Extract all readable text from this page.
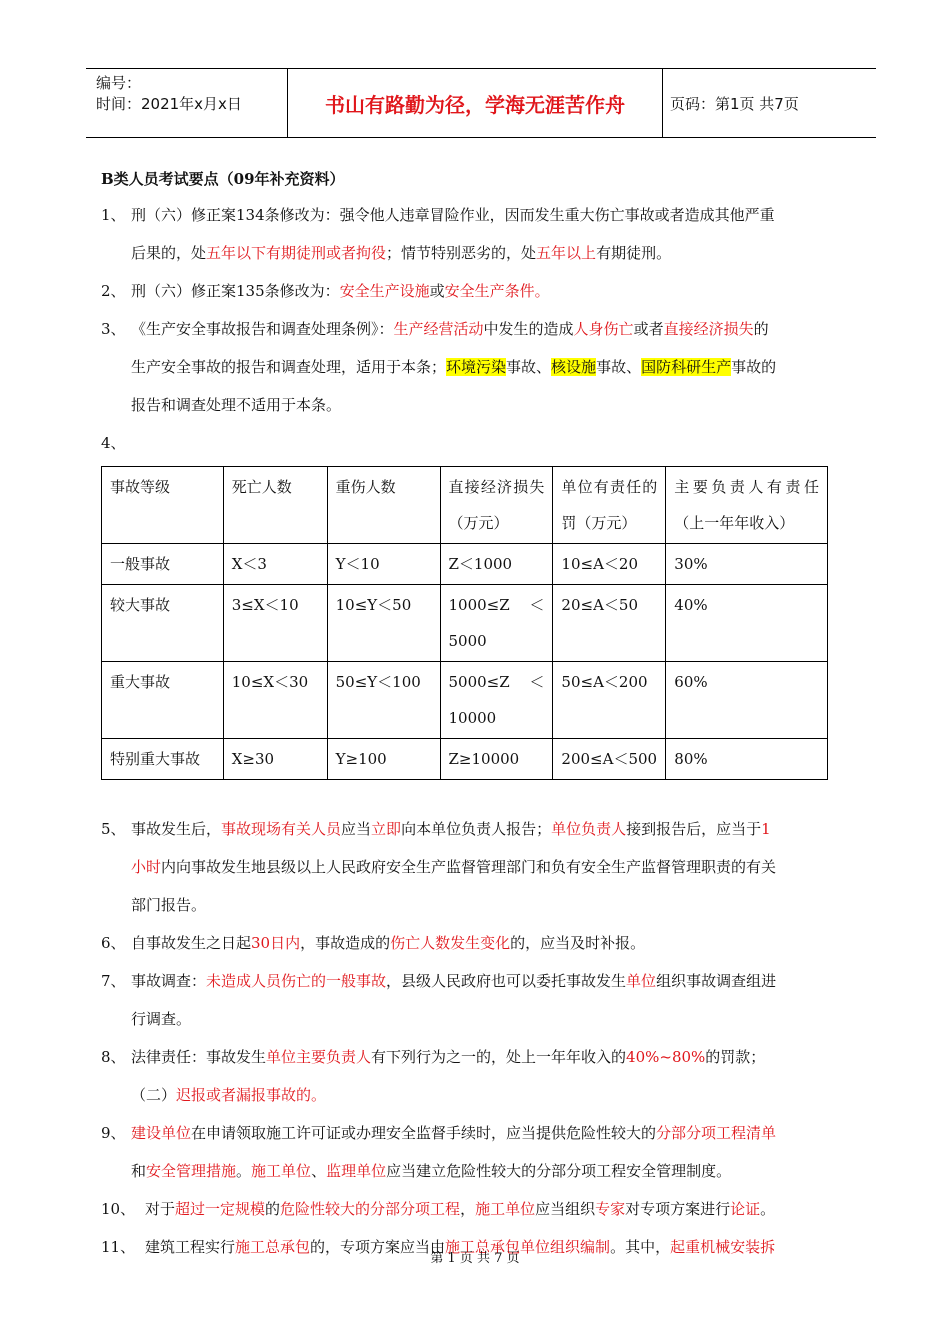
编号：
时间：2021年x月x日	书山有路勤为径，学海无涯苦作舟	页码：第1页 共7页
B类人员考试要点（09年补充资料）
1、 刑（六）修正案134条修改为：强令他人违章冒险作业，因而发生重大伤亡事故或者造成其他严重
后果的，处五年以下有期徒刑或者拘役；情节特别恶劣的，处五年以上有期徒刑。
2、 刑（六）修正案135条修改为：安全生产设施或安全生产条件。
3、 《生产安全事故报告和调查处理条例》：生产经营活动中发生的造成人身伤亡或者直接经济损失的
生产安全事故的报告和调查处理，适用于本条；环境污染事故、核设施事故、国防科研生产事故的
报告和调查处理不适用于本条。
4、
事故等级	死亡人数	重伤人数	直接经济损失（万元）	单位有责任的罚（万元）	主要负责人有责任（上一年年收入）
一般事故	X＜3	Y＜10	Z＜1000	10≤A＜20	30%
较大事故	3≤X＜10	10≤Y＜50	1000≤Z ＜ 5000	20≤A＜50	40%
重大事故	10≤X＜30	50≤Y＜100	5000≤Z ＜ 10000	50≤A＜200	60%
特别重大事故	X≥30	Y≥100	Z≥10000	200≤A＜500	80%
5、 事故发生后，事故现场有关人员应当立即向本单位负责人报告；单位负责人接到报告后，应当于1
小时内向事故发生地县级以上人民政府安全生产监督管理部门和负有安全生产监督管理职责的有关
部门报告。
6、 自事故发生之日起30日内，事故造成的伤亡人数发生变化的，应当及时补报。
7、 事故调查：未造成人员伤亡的一般事故，县级人民政府也可以委托事故发生单位组织事故调查组进
行调查。
8、 法律责任：事故发生单位主要负责人有下列行为之一的，处上一年年收入的40%~80%的罚款；
（二）迟报或者漏报事故的。
9、 建设单位在申请领取施工许可证或办理安全监督手续时，应当提供危险性较大的分部分项工程清单
和安全管理措施。施工单位、监理单位应当建立危险性较大的分部分项工程安全管理制度。
10、 对于超过一定规模的危险性较大的分部分项工程，施工单位应当组织专家对专项方案进行论证。
11、 建筑工程实行施工总承包的，专项方案应当由施工总承包单位组织编制。其中，起重机械安装拆
第 1 页 共 7 页
